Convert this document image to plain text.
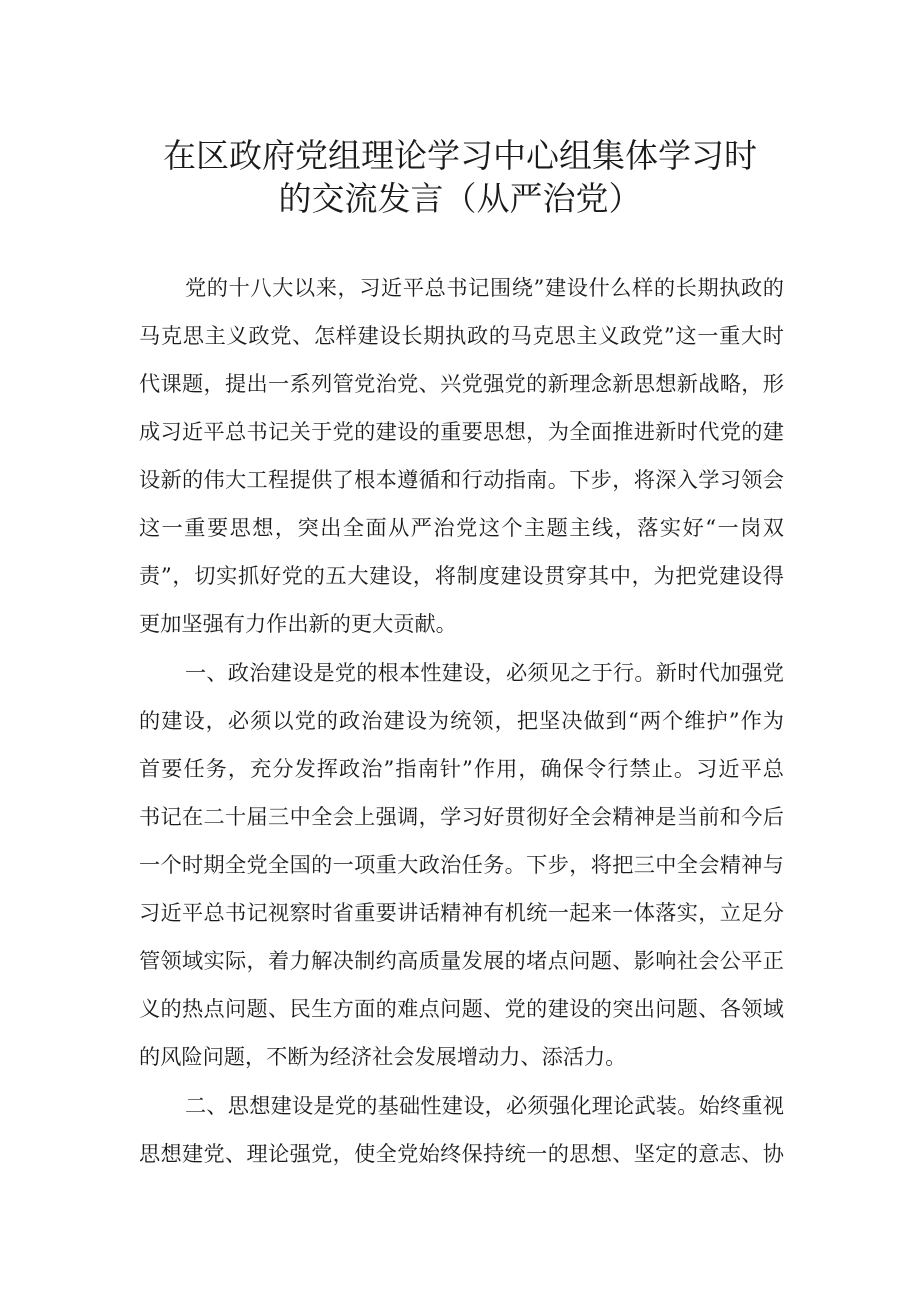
在区政府党组理论学习中心组集体学习时
的交流发言（从严治党）
党的十八大以来，习近平总书记围绕”建设什么样的长期执政的
马克思主义政党、怎样建设长期执政的马克思主义政党”这一重大时
代课题，提出一系列管党治党、兴党强党的新理念新思想新战略，形
成习近平总书记关于党的建设的重要思想，为全面推进新时代党的建
设新的伟大工程提供了根本遵循和行动指南。下步，将深入学习领会
这一重要思想，突出全面从严治党这个主题主线，落实好“一岗双
责”，切实抓好党的五大建设，将制度建设贯穿其中，为把党建设得
更加坚强有力作出新的更大贡献。
一、政治建设是党的根本性建设，必须见之于行。新时代加强党
的建设，必须以党的政治建设为统领，把坚决做到“两个维护”作为
首要任务，充分发挥政治”指南针”作用，确保令行禁止。习近平总
书记在二十届三中全会上强调，学习好贯彻好全会精神是当前和今后
一个时期全党全国的一项重大政治任务。下步，将把三中全会精神与
习近平总书记视察时省重要讲话精神有机统一起来一体落实，立足分
管领域实际，着力解决制约高质量发展的堵点问题、影响社会公平正
义的热点问题、民生方面的难点问题、党的建设的突出问题、各领域
的风险问题，不断为经济社会发展增动力、添活力。
二、思想建设是党的基础性建设，必须强化理论武装。始终重视
思想建党、理论强党，使全党始终保持统一的思想、坚定的意志、协
